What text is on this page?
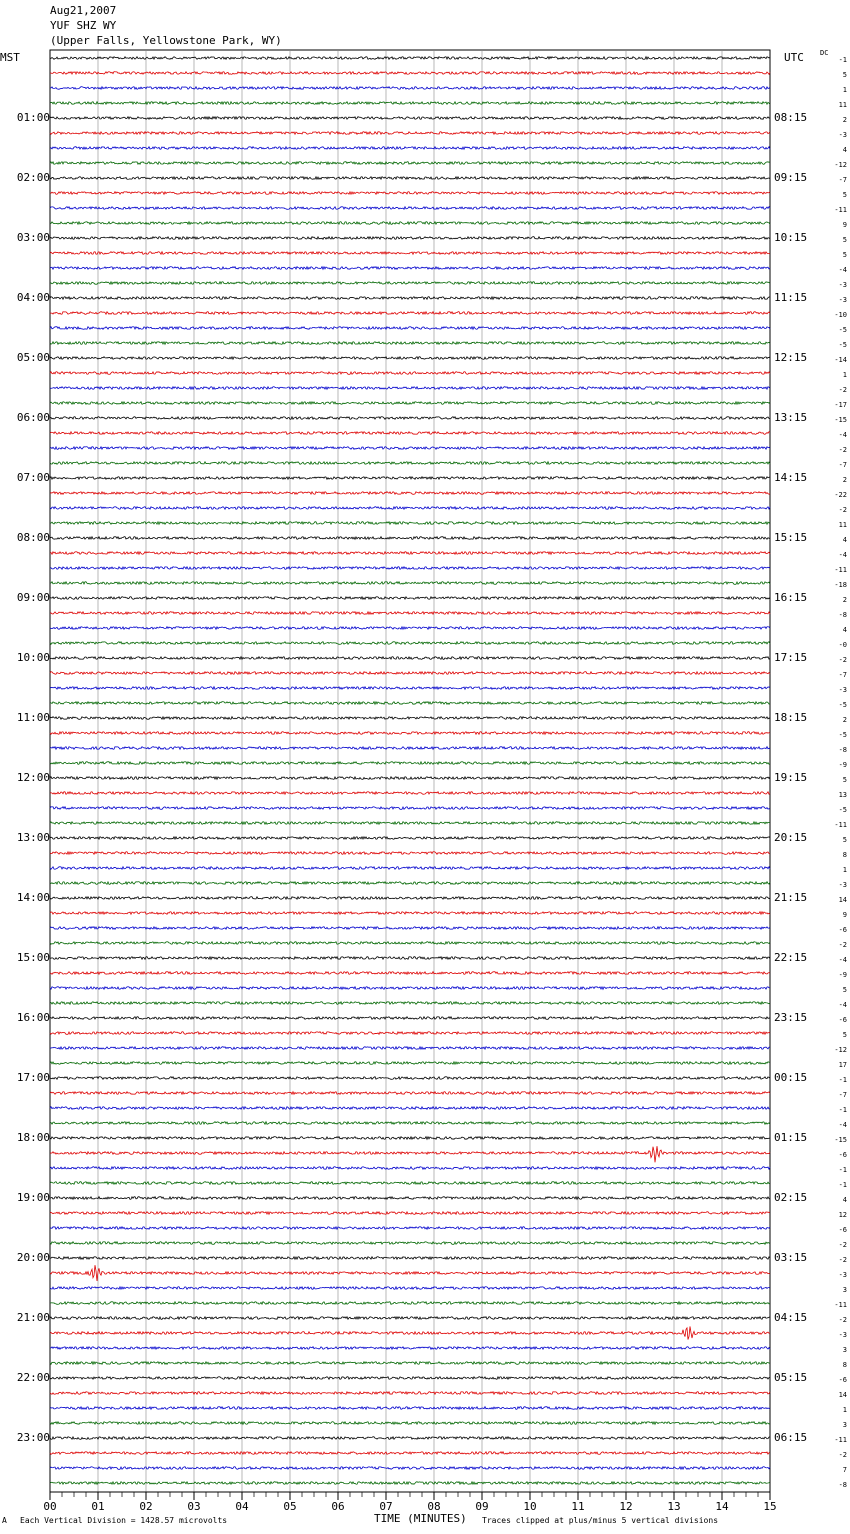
Aug21,2007
YUF SHZ WY
(Upper Falls, Yellowstone Park, WY)
MST	UTC DC
-1
5
1
11
2
-3
4
-12
-7
5
-11
9
5
5
-4
-3
-3
-10
-5
-5
-14
1
-2
-17
-15
-4
-2
-7
2
-22
-2
11
4
-4
-11
-18
2
-8
4
-0
-2
-7
-3
-5
2
-5
-8
-9
5
13
-5
-11
5
8
1
-3
14
9
-6
-2
-4
-9
5
-4
-6
5
-12
17
-1
-7
-1
-4
-15
-6
-1
-1
4
12
-6
-2
-2
-3
3
-11
-2
-3
3
8
-6
14
1
3
-11
-2
7
-8
01:00	08:15
02:00	09:15
03:00	10:15
04:00	11:15
05:00	12:15
06:00	13:15
07:00	14:15
08:00	15:15
09:00	16:15
10:00	17:15
11:00	18:15
12:00	19:15
13:00	20:15
14:00	21:15
15:00	22:15
16:00	23:15
17:00	00:15
18:00	01:15
19:00	02:15
20:00	03:15
21:00	04:15
22:00	05:15
23:00	06:15
00	01	02	03	04	05	06	07	08	09	10	11	12	13	14	15
A Each Vertical Division = 1428.57 microvolts	TIME (MINUTES) Traces clipped at plus/minus 5 vertical divisions
